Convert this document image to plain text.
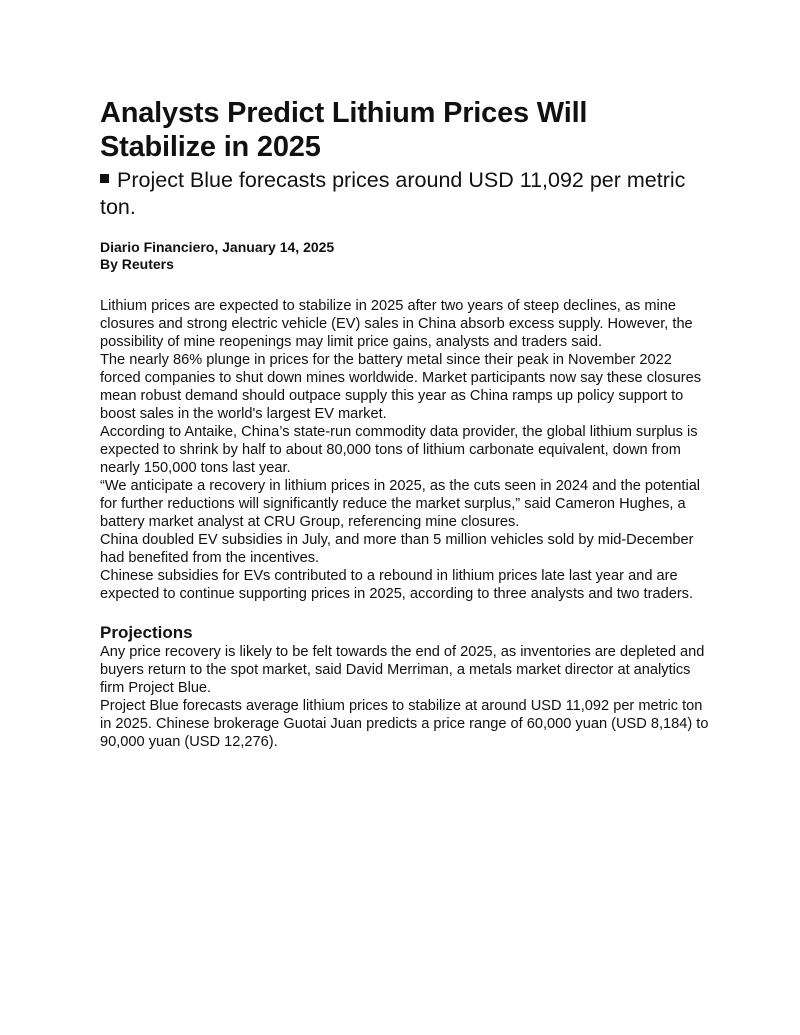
Analysts Predict Lithium Prices Will Stabilize in 2025

Project Blue forecasts prices around USD 11,092 per metric ton.

Diario Financiero, January 14, 2025
By Reuters

Lithium prices are expected to stabilize in 2025 after two years of steep declines, as mine closures and strong electric vehicle (EV) sales in China absorb excess supply. However, the possibility of mine reopenings may limit price gains, analysts and traders said.

The nearly 86% plunge in prices for the battery metal since their peak in November 2022 forced companies to shut down mines worldwide. Market participants now say these closures mean robust demand should outpace supply this year as China ramps up policy support to boost sales in the world's largest EV market.

According to Antaike, China’s state-run commodity data provider, the global lithium surplus is expected to shrink by half to about 80,000 tons of lithium carbonate equivalent, down from nearly 150,000 tons last year.

“We anticipate a recovery in lithium prices in 2025, as the cuts seen in 2024 and the potential for further reductions will significantly reduce the market surplus,” said Cameron Hughes, a battery market analyst at CRU Group, referencing mine closures.

China doubled EV subsidies in July, and more than 5 million vehicles sold by mid-December had benefited from the incentives.

Chinese subsidies for EVs contributed to a rebound in lithium prices late last year and are expected to continue supporting prices in 2025, according to three analysts and two traders.

Projections

Any price recovery is likely to be felt towards the end of 2025, as inventories are depleted and buyers return to the spot market, said David Merriman, a metals market director at analytics firm Project Blue.

Project Blue forecasts average lithium prices to stabilize at around USD 11,092 per metric ton in 2025. Chinese brokerage Guotai Juan predicts a price range of 60,000 yuan (USD 8,184) to 90,000 yuan (USD 12,276).
